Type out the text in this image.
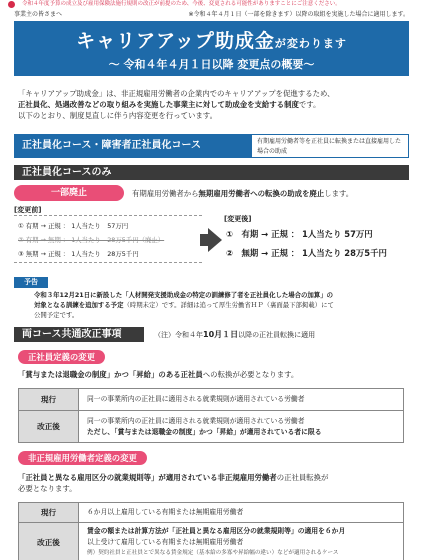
令和４年度予算の成立及び雇用保険法施行規則の改正が前提のため、今後、変更される可能性がありますことにご注意ください。
事業主の皆さまへ	※令和４年４月１日（一部を除きます）以降の取組を実施した場合に適用します。
キャリアアップ助成金が変わります
〜 令和４年４月１日以降 変更点の概要〜
「キャリアアップ助成金」は、非正規雇用労働者の企業内でのキャリアアップを促進するため、
正社員化、処遇改善などの取り組みを実施した事業主に対して助成金を支給する制度です。
以下のとおり、制度見直しに伴う内容変更を行っています。
正社員化コース・障害者正社員化コース	有期雇用労働者等を正社員に転換または直接雇用した場合の助成
正社員化コースのみ
一部廃止	有期雇用労働者から無期雇用労働者への転換の助成を廃止します。
[変更前]
① 有期 → 正規 ： 1人当たり　57万円
② 有期 → 無期 ： 1人当たり　28万5千円（廃止）
③ 無期 → 正規 ： 1人当たり　28万5千円
[変更後]
①　有期 → 正規 ： 1人当たり 57万円
②　無期 → 正規 ： 1人当たり 28万5千円
予告
令和３年12月21日に新設した「人材開発支援助成金の特定の訓練修了者を正社員化した場合の加算」の
対象となる訓練を追加する予定（時期未定）です。詳細は追って厚生労働省ＨＰ（裏面最下部掲載）にて
公開予定です。
両コース共通改正事項	（注）令和４年10月１日以降の正社員転換に適用
正社員定義の変更
「賞与または退職金の制度」かつ「昇給」のある正社員への転換が必要となります。
現行	同一の事業所内の正社員に適用される就業規則が適用されている労働者
改正後	同一の事業所内の正社員に適用される就業規則が適用されている労働者
ただし、「賞与または退職金の制度」かつ「昇給」が適用されている者に限る
非正規雇用労働者定義の変更
「正社員と異なる雇用区分の就業規則等」が適用されている非正規雇用労働者の正社員転換が
必要となります。
現行	６か月以上雇用している有期または無期雇用労働者
改正後	賃金の額または計算方法が「正社員と異なる雇用区分の就業規則等」の適用を６か月
以上受けて雇用している有期または無期雇用労働者
例）契約社員と正社員とで異なる賃金規定（基本給の多寡や昇給幅の違い）などが適用されるケース
